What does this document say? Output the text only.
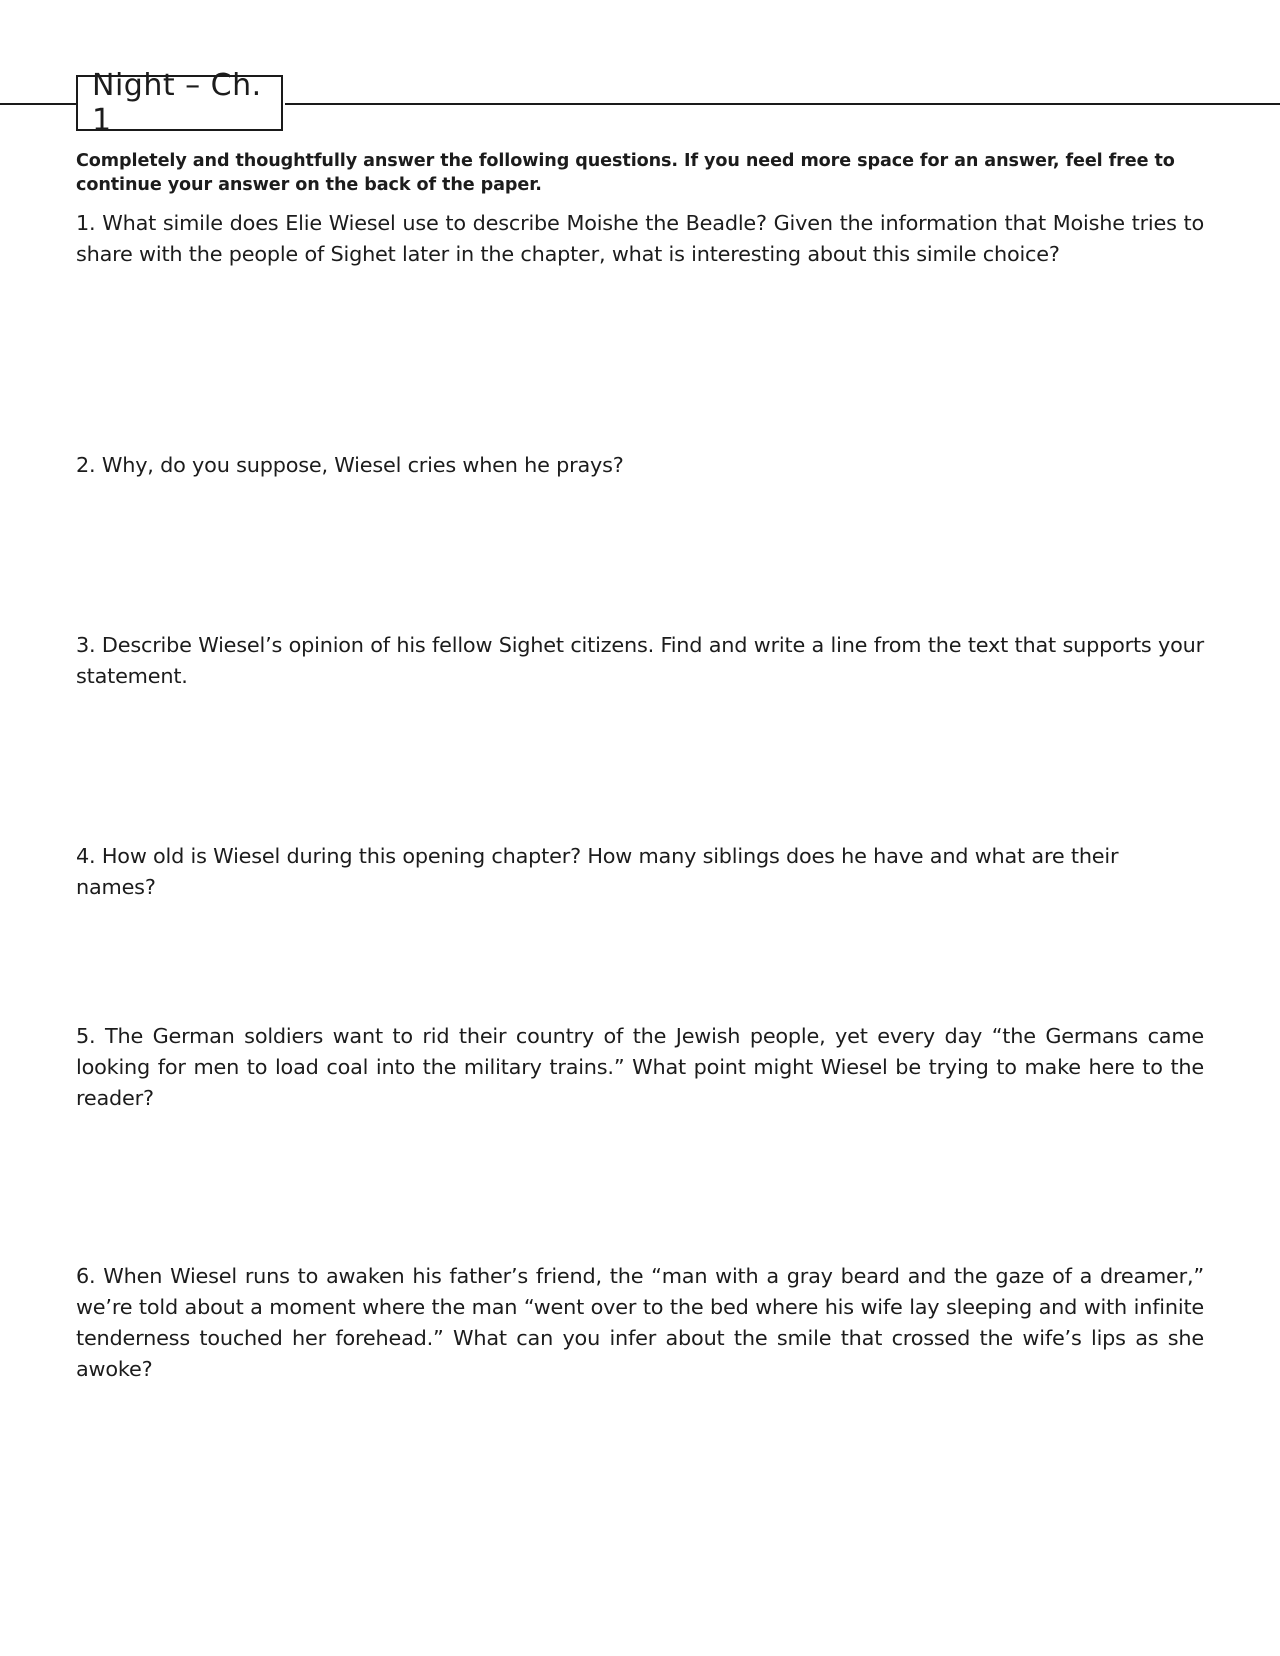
Night – Ch. 1
Completely and thoughtfully answer the following questions. If you need more space for an answer, feel free to continue your answer on the back of the paper.
1. What simile does Elie Wiesel use to describe Moishe the Beadle? Given the information that Moishe tries to share with the people of Sighet later in the chapter, what is interesting about this simile choice?
2. Why, do you suppose, Wiesel cries when he prays?
3. Describe Wiesel’s opinion of his fellow Sighet citizens. Find and write a line from the text that supports your statement.
4. How old is Wiesel during this opening chapter? How many siblings does he have and what are their names?
5. The German soldiers want to rid their country of the Jewish people, yet every day “the Germans came looking for men to load coal into the military trains.” What point might Wiesel be trying to make here to the reader?
6. When Wiesel runs to awaken his father’s friend, the “man with a gray beard and the gaze of a dreamer,” we’re told about a moment where the man “went over to the bed where his wife lay sleeping and with infinite tenderness touched her forehead.” What can you infer about the smile that crossed the wife’s lips as she awoke?
